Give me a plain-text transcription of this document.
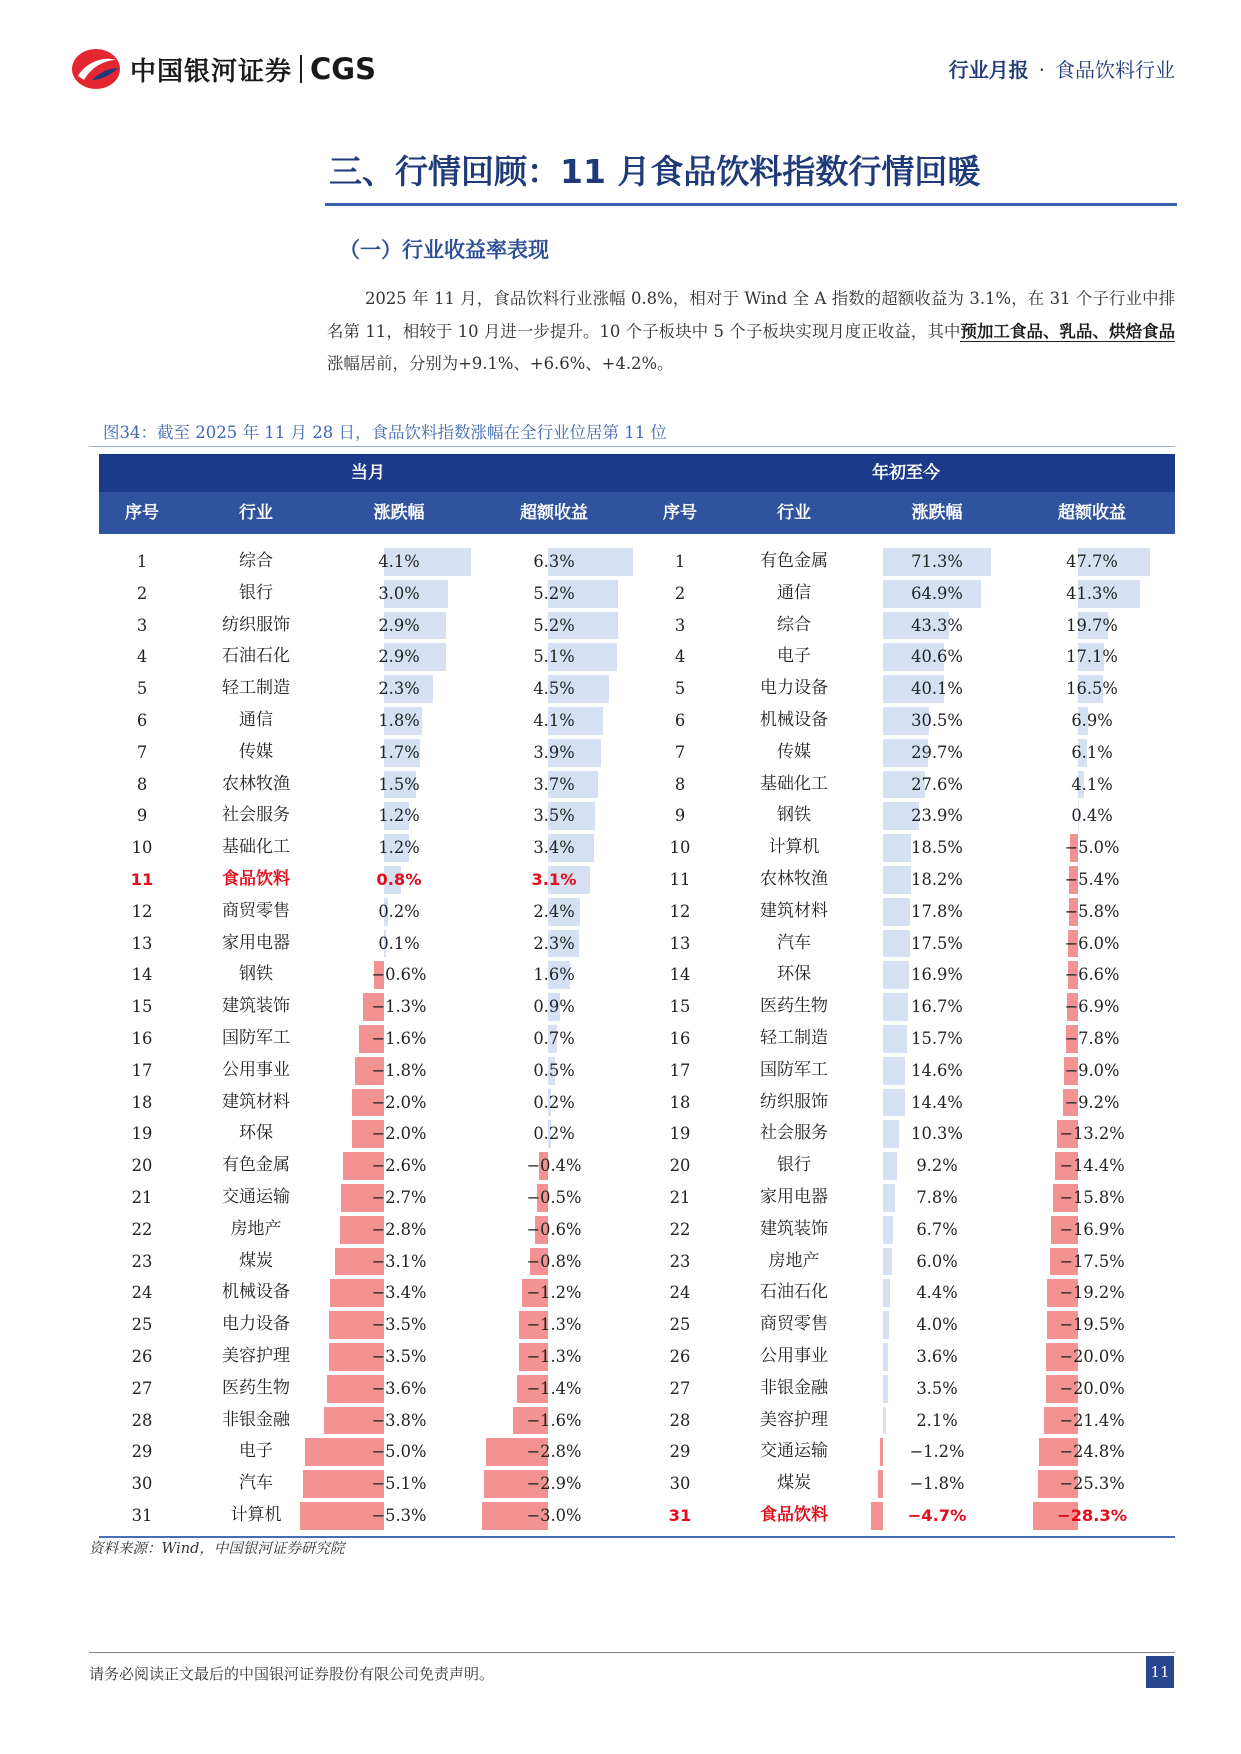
中国银河证券 CGS	行业月报 · 食品饮料行业
三、行情回顾：11 月食品饮料指数行情回暖
（一）行业收益率表现
2025 年 11 月，食品饮料行业涨幅 0.8%，相对于 Wind 全 A 指数的超额收益为 3.1%，在 31 个子行业中排名第 11，相较于 10 月进一步提升。10 个子板块中 5 个子板块实现月度正收益，其中预加工食品、乳品、烘焙食品涨幅居前，分别为+9.1%、+6.6%、+4.2%。
图34：截至 2025 年 11 月 28 日，食品饮料指数涨幅在全行业位居第 11 位
当月	年初至今
序号	行业	涨跌幅	超额收益	序号	行业	涨跌幅	超额收益
1	综合	4.1%	6.3%	1	有色金属	71.3%	47.7%
2	银行	3.0%	5.2%	2	通信	64.9%	41.3%
3	纺织服饰	2.9%	5.2%	3	综合	43.3%	19.7%
4	石油石化	2.9%	5.1%	4	电子	40.6%	17.1%
5	轻工制造	2.3%	4.5%	5	电力设备	40.1%	16.5%
6	通信	1.8%	4.1%	6	机械设备	30.5%	6.9%
7	传媒	1.7%	3.9%	7	传媒	29.7%	6.1%
8	农林牧渔	1.5%	3.7%	8	基础化工	27.6%	4.1%
9	社会服务	1.2%	3.5%	9	钢铁	23.9%	0.4%
10	基础化工	1.2%	3.4%	10	计算机	18.5%	−5.0%
11	食品饮料	0.8%	3.1%	11	农林牧渔	18.2%	−5.4%
12	商贸零售	0.2%	2.4%	12	建筑材料	17.8%	−5.8%
13	家用电器	0.1%	2.3%	13	汽车	17.5%	−6.0%
14	钢铁	−0.6%	1.6%	14	环保	16.9%	−6.6%
15	建筑装饰	−1.3%	0.9%	15	医药生物	16.7%	−6.9%
16	国防军工	−1.6%	0.7%	16	轻工制造	15.7%	−7.8%
17	公用事业	−1.8%	0.5%	17	国防军工	14.6%	−9.0%
18	建筑材料	−2.0%	0.2%	18	纺织服饰	14.4%	−9.2%
19	环保	−2.0%	0.2%	19	社会服务	10.3%	−13.2%
20	有色金属	−2.6%	−0.4%	20	银行	9.2%	−14.4%
21	交通运输	−2.7%	−0.5%	21	家用电器	7.8%	−15.8%
22	房地产	−2.8%	−0.6%	22	建筑装饰	6.7%	−16.9%
23	煤炭	−3.1%	−0.8%	23	房地产	6.0%	−17.5%
24	机械设备	−3.4%	−1.2%	24	石油石化	4.4%	−19.2%
25	电力设备	−3.5%	−1.3%	25	商贸零售	4.0%	−19.5%
26	美容护理	−3.5%	−1.3%	26	公用事业	3.6%	−20.0%
27	医药生物	−3.6%	−1.4%	27	非银金融	3.5%	−20.0%
28	非银金融	−3.8%	−1.6%	28	美容护理	2.1%	−21.4%
29	电子	−5.0%	−2.8%	29	交通运输	−1.2%	−24.8%
30	汽车	−5.1%	−2.9%	30	煤炭	−1.8%	−25.3%
31	计算机	−5.3%	−3.0%	31	食品饮料	−4.7%	−28.3%
资料来源：Wind，中国银河证券研究院
请务必阅读正文最后的中国银河证券股份有限公司免责声明。	11
